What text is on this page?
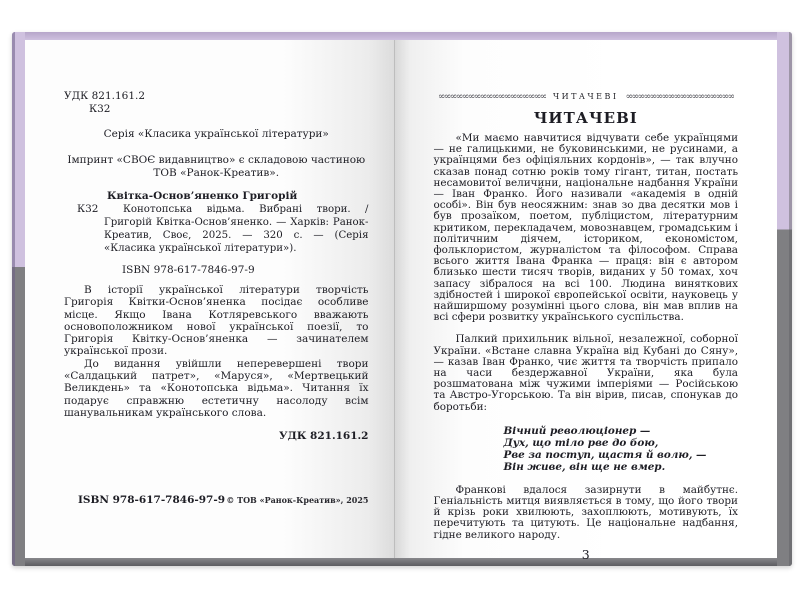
УДК 821.161.2
К32
Серія «Класика української літератури»
Імпринт «СВОЄ видавництво» є складовою частиною
ТОВ «Ранок-Креатив».
Квітка-Основ’яненко Григорій
К32	Конотопська відьма. Вибрані твори. / Григорій Квітка-Основ’яненко. — Харків: Ранок-Креатив, Своє, 2025. — 320 с. — (Серія «Класика української літератури»).
ISBN 978-617-7846-97-9

В історії української літератури творчість Григорія Квітки-Основ’яненка посідає особливе місце. Якщо Івана Котляревського вважають основоположником нової української поезії, то Григорія Квітку-Основ’яненка — зачинателем української прози.

До видання увійшли неперевершені твори «Салдацький патрет», «Маруся», «Мертвецький Великдень» та «Конотопська відьма». Читання їх подарує справжню естетичну насолоду всім шанувальникам українського слова.

УДК 821.161.2
ISBN 978-617-7846-97-9 © ТОВ «Ранок-Креатив», 2025
∞∞∞∞∞∞∞∞∞∞∞∞∞∞∞∞∞∞ ЧИТАЧЕВІ ∞∞∞∞∞∞∞∞∞∞∞∞∞∞∞∞∞∞
ЧИТАЧЕВІ

«Ми маємо навчитися відчувати себе українцями — не галицькими, не буковинськими, не русинами, а українцями без офіціяльних кордонів», — так влучно сказав понад сотню років тому гігант, титан, постать несамовитої величини, національне надбання України — Іван Франко. Його називали «академія в одній особі». Він був неосяжним: знав зо два десятки мов і був прозаїком, поетом, публіцистом, літературним критиком, перекладачем, мовознавцем, громадським і політичним діячем, істориком, економістом, фольклористом, журналістом та філософом. Справа всього життя Івана Франка — праця: він є автором близько шести тисяч творів, виданих у 50 томах, хоч запасу зібралося на всі 100. Людина виняткових здібностей і широкої європейської освіти, науковець у найширшому розумінні цього слова, він мав вплив на всі сфери розвитку українського суспільства.

Палкий прихильник вільної, незалежної, соборної України. «Встане славна Україна від Кубані до Сяну», — казав Іван Франко, чиє життя та творчість припало на часи бездержавної України, яка була розшматована між чужими імперіями — Російською та Австро-Угорською. Та він вірив, писав, спонукав до боротьби:

Вічний революціонер —
Дух, що тіло рве до бою,
Рве за поступ, щастя й волю, —
Він живе, він ще не вмер.

Франкові вдалося зазирнути в майбутнє. Геніальність митця виявляється в тому, що його твори й крізь роки хвилюють, захоплюють, мотивують, їх перечитують та цитують. Це національне надбання, гідне великого народу.

3
